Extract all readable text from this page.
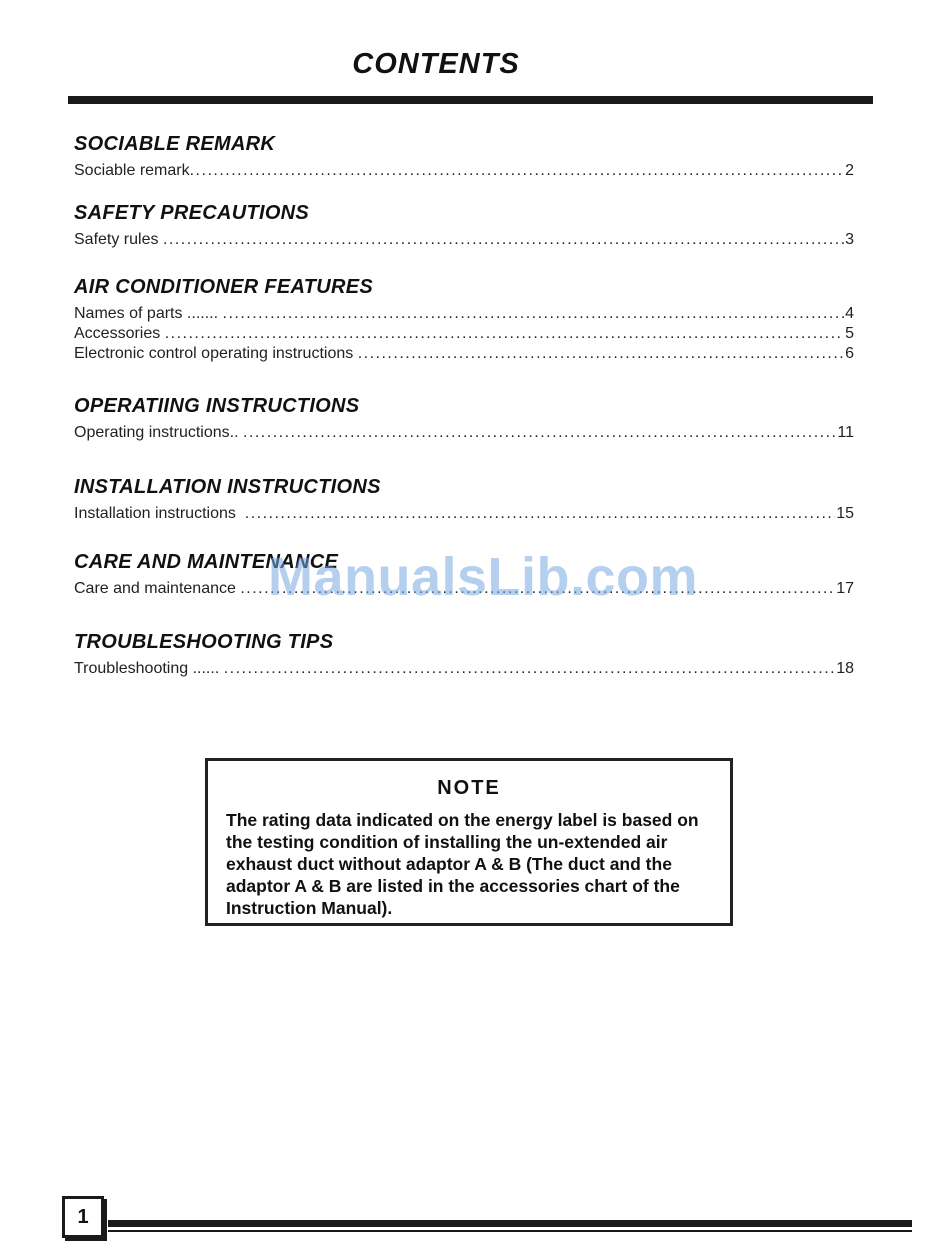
CONTENTS
SOCIABLE REMARK
Sociable remark .....	2
SAFETY PRECAUTIONS
Safety rules .....	3
AIR CONDITIONER FEATURES
Names of parts ....... .....	4
Accessories .....	5
Electronic control operating instructions .....	6
OPERATIING INSTRUCTIONS
Operating instructions.. .....	11
INSTALLATION INSTRUCTIONS
Installation instructions .....	15
CARE AND MAINTENANCE
Care and maintenance .....	17
TROUBLESHOOTING TIPS
Troubleshooting ...... .....	18
ManualsLib.com
NOTE

The rating data indicated on the energy label is based on the testing condition of installing the un-extended air exhaust duct without adaptor A & B (The duct and the adaptor A & B are listed in the accessories chart of the Instruction Manual).

1
